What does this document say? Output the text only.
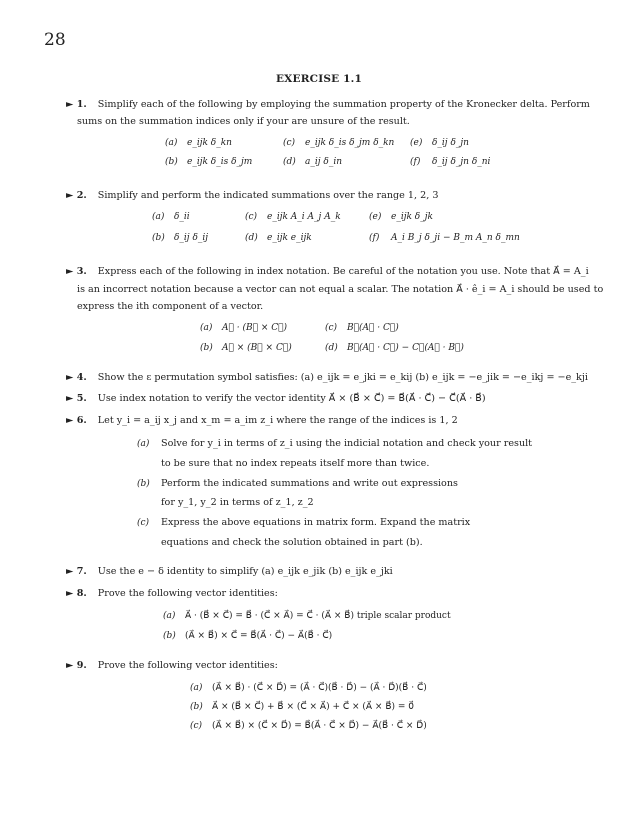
28
EXERCISE 1.1
► 1. Simplify each of the following by employing the summation property of the Kronecker delta. Perform
sums on the summation indices only if your are unsure of the result.
(a) e_ijk δ_kn	(c) e_ijk δ_is δ_jm δ_kn (e) δ_ij δ_jn
(b) e_ijk δ_is δ_jm	(d) a_ij δ_in	(f) δ_ij δ_jn δ_ni
► 2. Simplify and perform the indicated summations over the range 1, 2, 3
(a) δ_ii	(c) e_ijk A_i A_j A_k	(e) e_ijk δ_jk
(b) δ_ij δ_ij	(d) e_ijk e_ijk	(f) A_i B_j δ_ji − B_m A_n δ_mn
► 3. Express each of the following in index notation. Be careful of the notation you use. Note that A⃗ = A_i
is an incorrect notation because a vector can not equal a scalar. The notation A⃗ · ê_i = A_i should be used to
express the ith component of a vector.
(a) A⃗ · (B⃗ × C⃗)	(c) B⃗(A⃗ · C⃗)
(b) A⃗ × (B⃗ × C⃗)	(d) B⃗(A⃗ · C⃗) − C⃗(A⃗ · B⃗)
► 4. Show the ε permutation symbol satisfies: (a) e_ijk = e_jki = e_kij (b) e_ijk = −e_jik = −e_ikj = −e_kji
► 5. Use index notation to verify the vector identity A⃗ × (B⃗ × C⃗) = B⃗(A⃗ · C⃗) − C⃗(A⃗ · B⃗)
► 6. Let y_i = a_ij x_j and x_m = a_im z_i where the range of the indices is 1, 2
(a) Solve for y_i in terms of z_i using the indicial notation and check your result
to be sure that no index repeats itself more than twice.
(b) Perform the indicated summations and write out expressions
for y_1, y_2 in terms of z_1, z_2
(c) Express the above equations in matrix form. Expand the matrix
equations and check the solution obtained in part (b).
► 7. Use the e − δ identity to simplify (a) e_ijk e_jik (b) e_ijk e_jki
► 8. Prove the following vector identities:
(a) A⃗ · (B⃗ × C⃗) = B⃗ · (C⃗ × A⃗) = C⃗ · (A⃗ × B⃗) triple scalar product
(b) (A⃗ × B⃗) × C⃗ = B⃗(A⃗ · C⃗) − A⃗(B⃗ · C⃗)
► 9. Prove the following vector identities:
(a) (A⃗ × B⃗) · (C⃗ × D⃗) = (A⃗ · C⃗)(B⃗ · D⃗) − (A⃗ · D⃗)(B⃗ · C⃗)
(b) A⃗ × (B⃗ × C⃗) + B⃗ × (C⃗ × A⃗) + C⃗ × (A⃗ × B⃗) = 0⃗
(c) (A⃗ × B⃗) × (C⃗ × D⃗) = B⃗(A⃗ · C⃗ × D⃗) − A⃗(B⃗ · C⃗ × D⃗)
